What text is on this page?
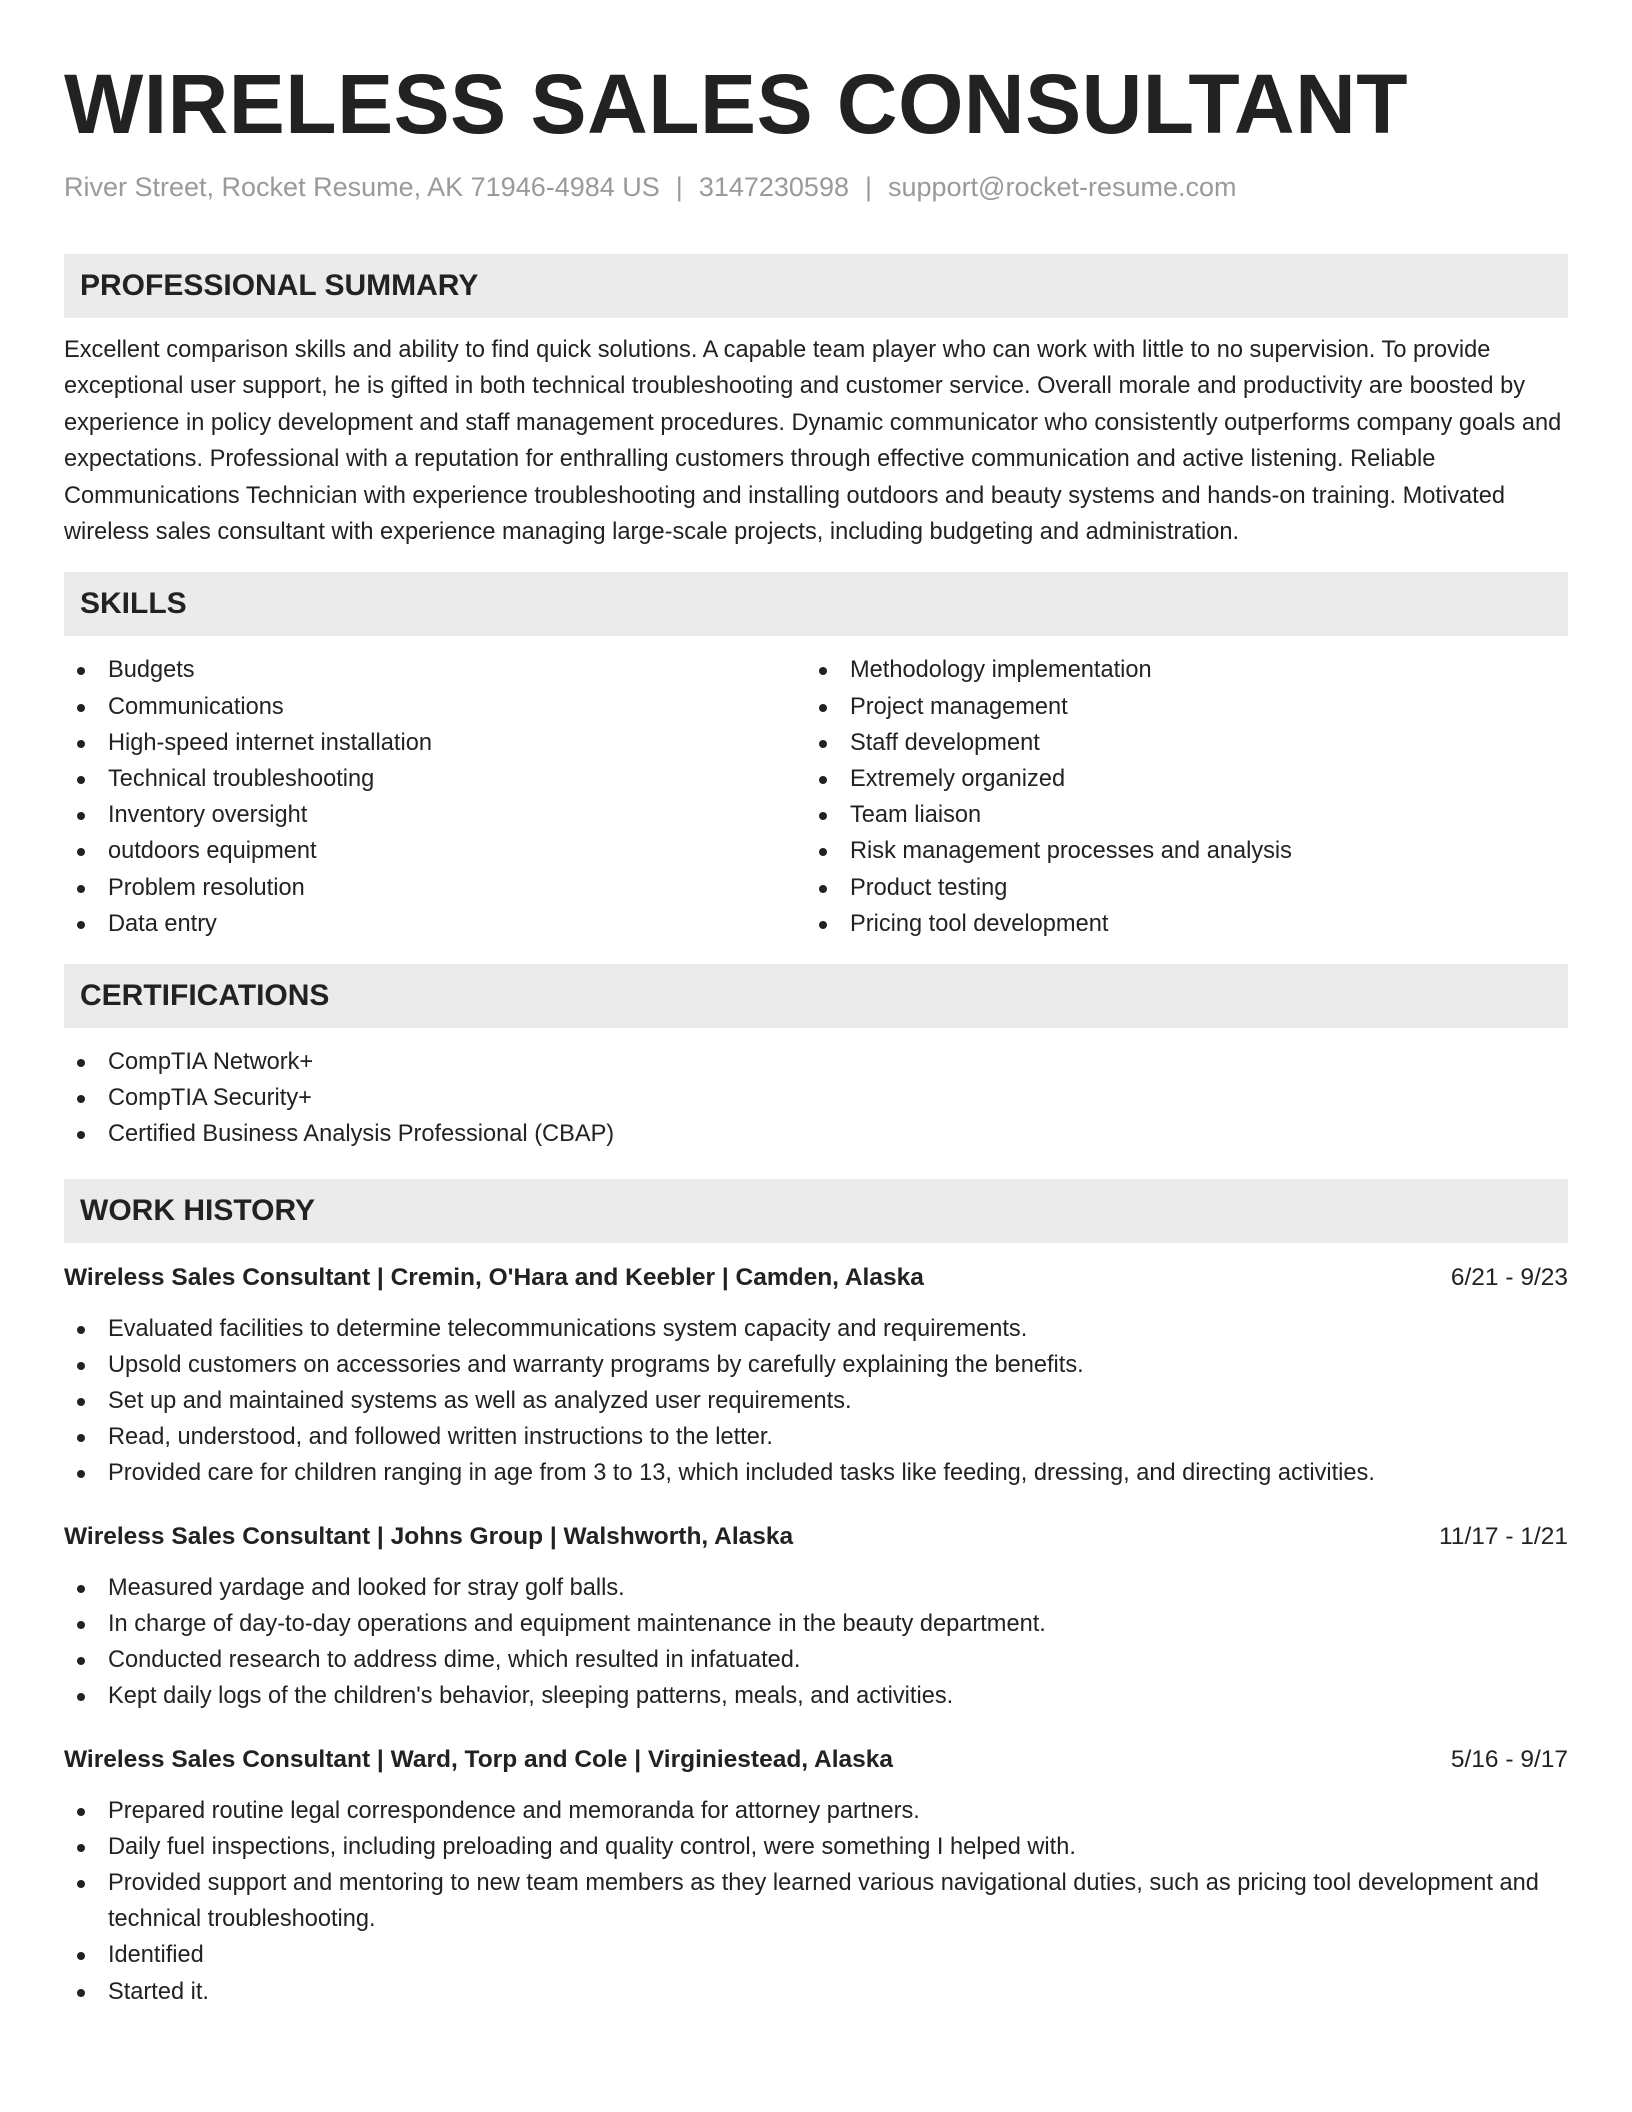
WIRELESS SALES CONSULTANT
River Street, Rocket Resume, AK 71946-4984 US | 3147230598 | support@rocket-resume.com
PROFESSIONAL SUMMARY

Excellent comparison skills and ability to find quick solutions. A capable team player who can work with little to no supervision. To provide exceptional user support, he is gifted in both technical troubleshooting and customer service. Overall morale and productivity are boosted by experience in policy development and staff management procedures. Dynamic communicator who consistently outperforms company goals and expectations. Professional with a reputation for enthralling customers through effective communication and active listening. Reliable Communications Technician with experience troubleshooting and installing outdoors and beauty systems and hands-on training. Motivated wireless sales consultant with experience managing large-scale projects, including budgeting and administration.

SKILLS
Budgets
Communications
High-speed internet installation
Technical troubleshooting
Inventory oversight
outdoors equipment
Problem resolution
Data entry
Methodology implementation
Project management
Staff development
Extremely organized
Team liaison
Risk management processes and analysis
Product testing
Pricing tool development
CERTIFICATIONS
CompTIA Network+
CompTIA Security+
Certified Business Analysis Professional (CBAP)
WORK HISTORY
Wireless Sales Consultant | Cremin, O'Hara and Keebler | Camden, Alaska	6/21 - 9/23
Evaluated facilities to determine telecommunications system capacity and requirements.
Upsold customers on accessories and warranty programs by carefully explaining the benefits.
Set up and maintained systems as well as analyzed user requirements.
Read, understood, and followed written instructions to the letter.
Provided care for children ranging in age from 3 to 13, which included tasks like feeding, dressing, and directing activities.
Wireless Sales Consultant | Johns Group | Walshworth, Alaska	11/17 - 1/21
Measured yardage and looked for stray golf balls.
In charge of day-to-day operations and equipment maintenance in the beauty department.
Conducted research to address dime, which resulted in infatuated.
Kept daily logs of the children's behavior, sleeping patterns, meals, and activities.
Wireless Sales Consultant | Ward, Torp and Cole | Virginiestead, Alaska	5/16 - 9/17
Prepared routine legal correspondence and memoranda for attorney partners.
Daily fuel inspections, including preloading and quality control, were something I helped with.
Provided support and mentoring to new team members as they learned various navigational duties, such as pricing tool development and technical troubleshooting.
Identified
Started it.
